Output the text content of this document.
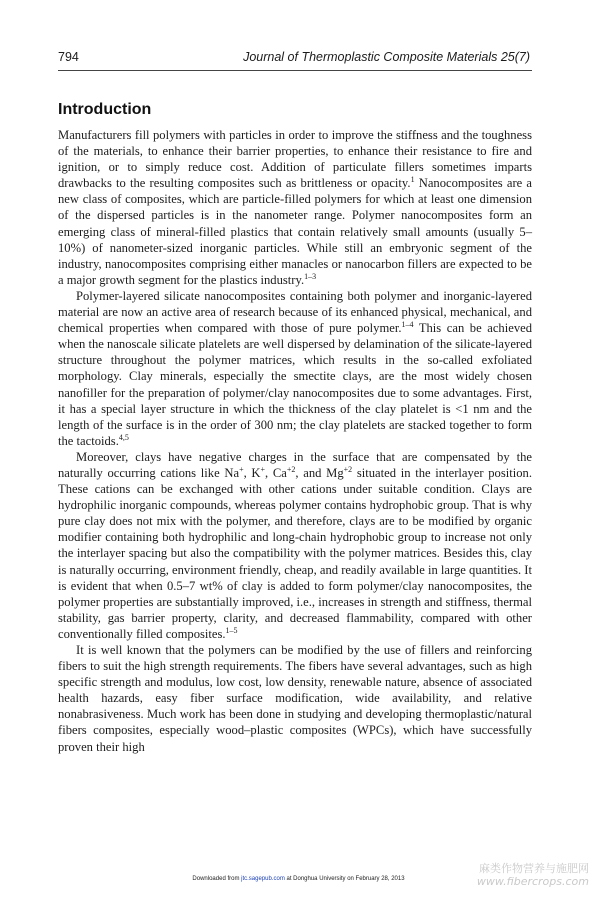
794	Journal of Thermoplastic Composite Materials 25(7)
Introduction

Manufacturers fill polymers with particles in order to improve the stiffness and the toughness of the materials, to enhance their barrier properties, to enhance their resistance to fire and ignition, or to simply reduce cost. Addition of particulate fillers sometimes imparts drawbacks to the resulting composites such as brittleness or opacity.$^1$ Nanocomposites are a new class of composites, which are particle-filled polymers for which at least one dimension of the dispersed particles is in the nanometer range. Polymer nanocomposites form an emerging class of mineral-filled plastics that contain relatively small amounts (usually 5–10%) of nanometer-sized inorganic particles. While still an embryonic segment of the industry, nanocomposites comprising either manacles or nanocarbon fillers are expected to be a major growth segment for the plastics industry.$^{1-3}$

Polymer-layered silicate nanocomposites containing both polymer and inorganic-layered material are now an active area of research because of its enhanced physical, mechanical, and chemical properties when compared with those of pure polymer.$^{1-4}$ This can be achieved when the nanoscale silicate platelets are well dispersed by delamination of the silicate-layered structure throughout the polymer matrices, which results in the so-called exfoliated morphology. Clay minerals, especially the smectite clays, are the most widely chosen nanofiller for the preparation of polymer/clay nanocomposites due to some advantages. First, it has a special layer structure in which the thickness of the clay platelet is <1 nm and the length of the surface is in the order of 300 nm; the clay platelets are stacked together to form the tactoids.$^{4,5}$

Moreover, clays have negative charges in the surface that are compensated by the naturally occurring cations like Na+, K+, $Ca^{+2}$, and $Mg^{+2}$ situated in the interlayer position. These cations can be exchanged with other cations under suitable condition. Clays are hydrophilic inorganic compounds, whereas polymer contains hydrophobic group. That is why pure clay does not mix with the polymer, and therefore, clays are to be modified by organic modifier containing both hydrophilic and long-chain hydrophobic group to increase not only the interlayer spacing but also the compatibility with the polymer matrices. Besides this, clay is naturally occurring, environment friendly, cheap, and readily available in large quantities. It is evident that when 0.5–7 wt% of clay is added to form polymer/clay nanocomposites, the polymer properties are substantially improved, i.e., increases in strength and stiffness, thermal stability, gas barrier property, clarity, and decreased flammability, compared with other conventionally filled composites.$^{1-5}$

It is well known that the polymers can be modified by the use of fillers and reinforcing fibers to suit the high strength requirements. The fibers have several advantages, such as high specific strength and modulus, low cost, low density, renewable nature, absence of associated health hazards, easy fiber surface modification, wide availability, and relative nonabrasiveness. Much work has been done in studying and developing thermoplastic/natural fibers composites, especially wood–plastic composites (WPCs), which have successfully proven their high

Downloaded from jtc.sagepub.com at Donghua University on February 28, 2013
麻类作物营养与施肥网
www.fibercrops.com
